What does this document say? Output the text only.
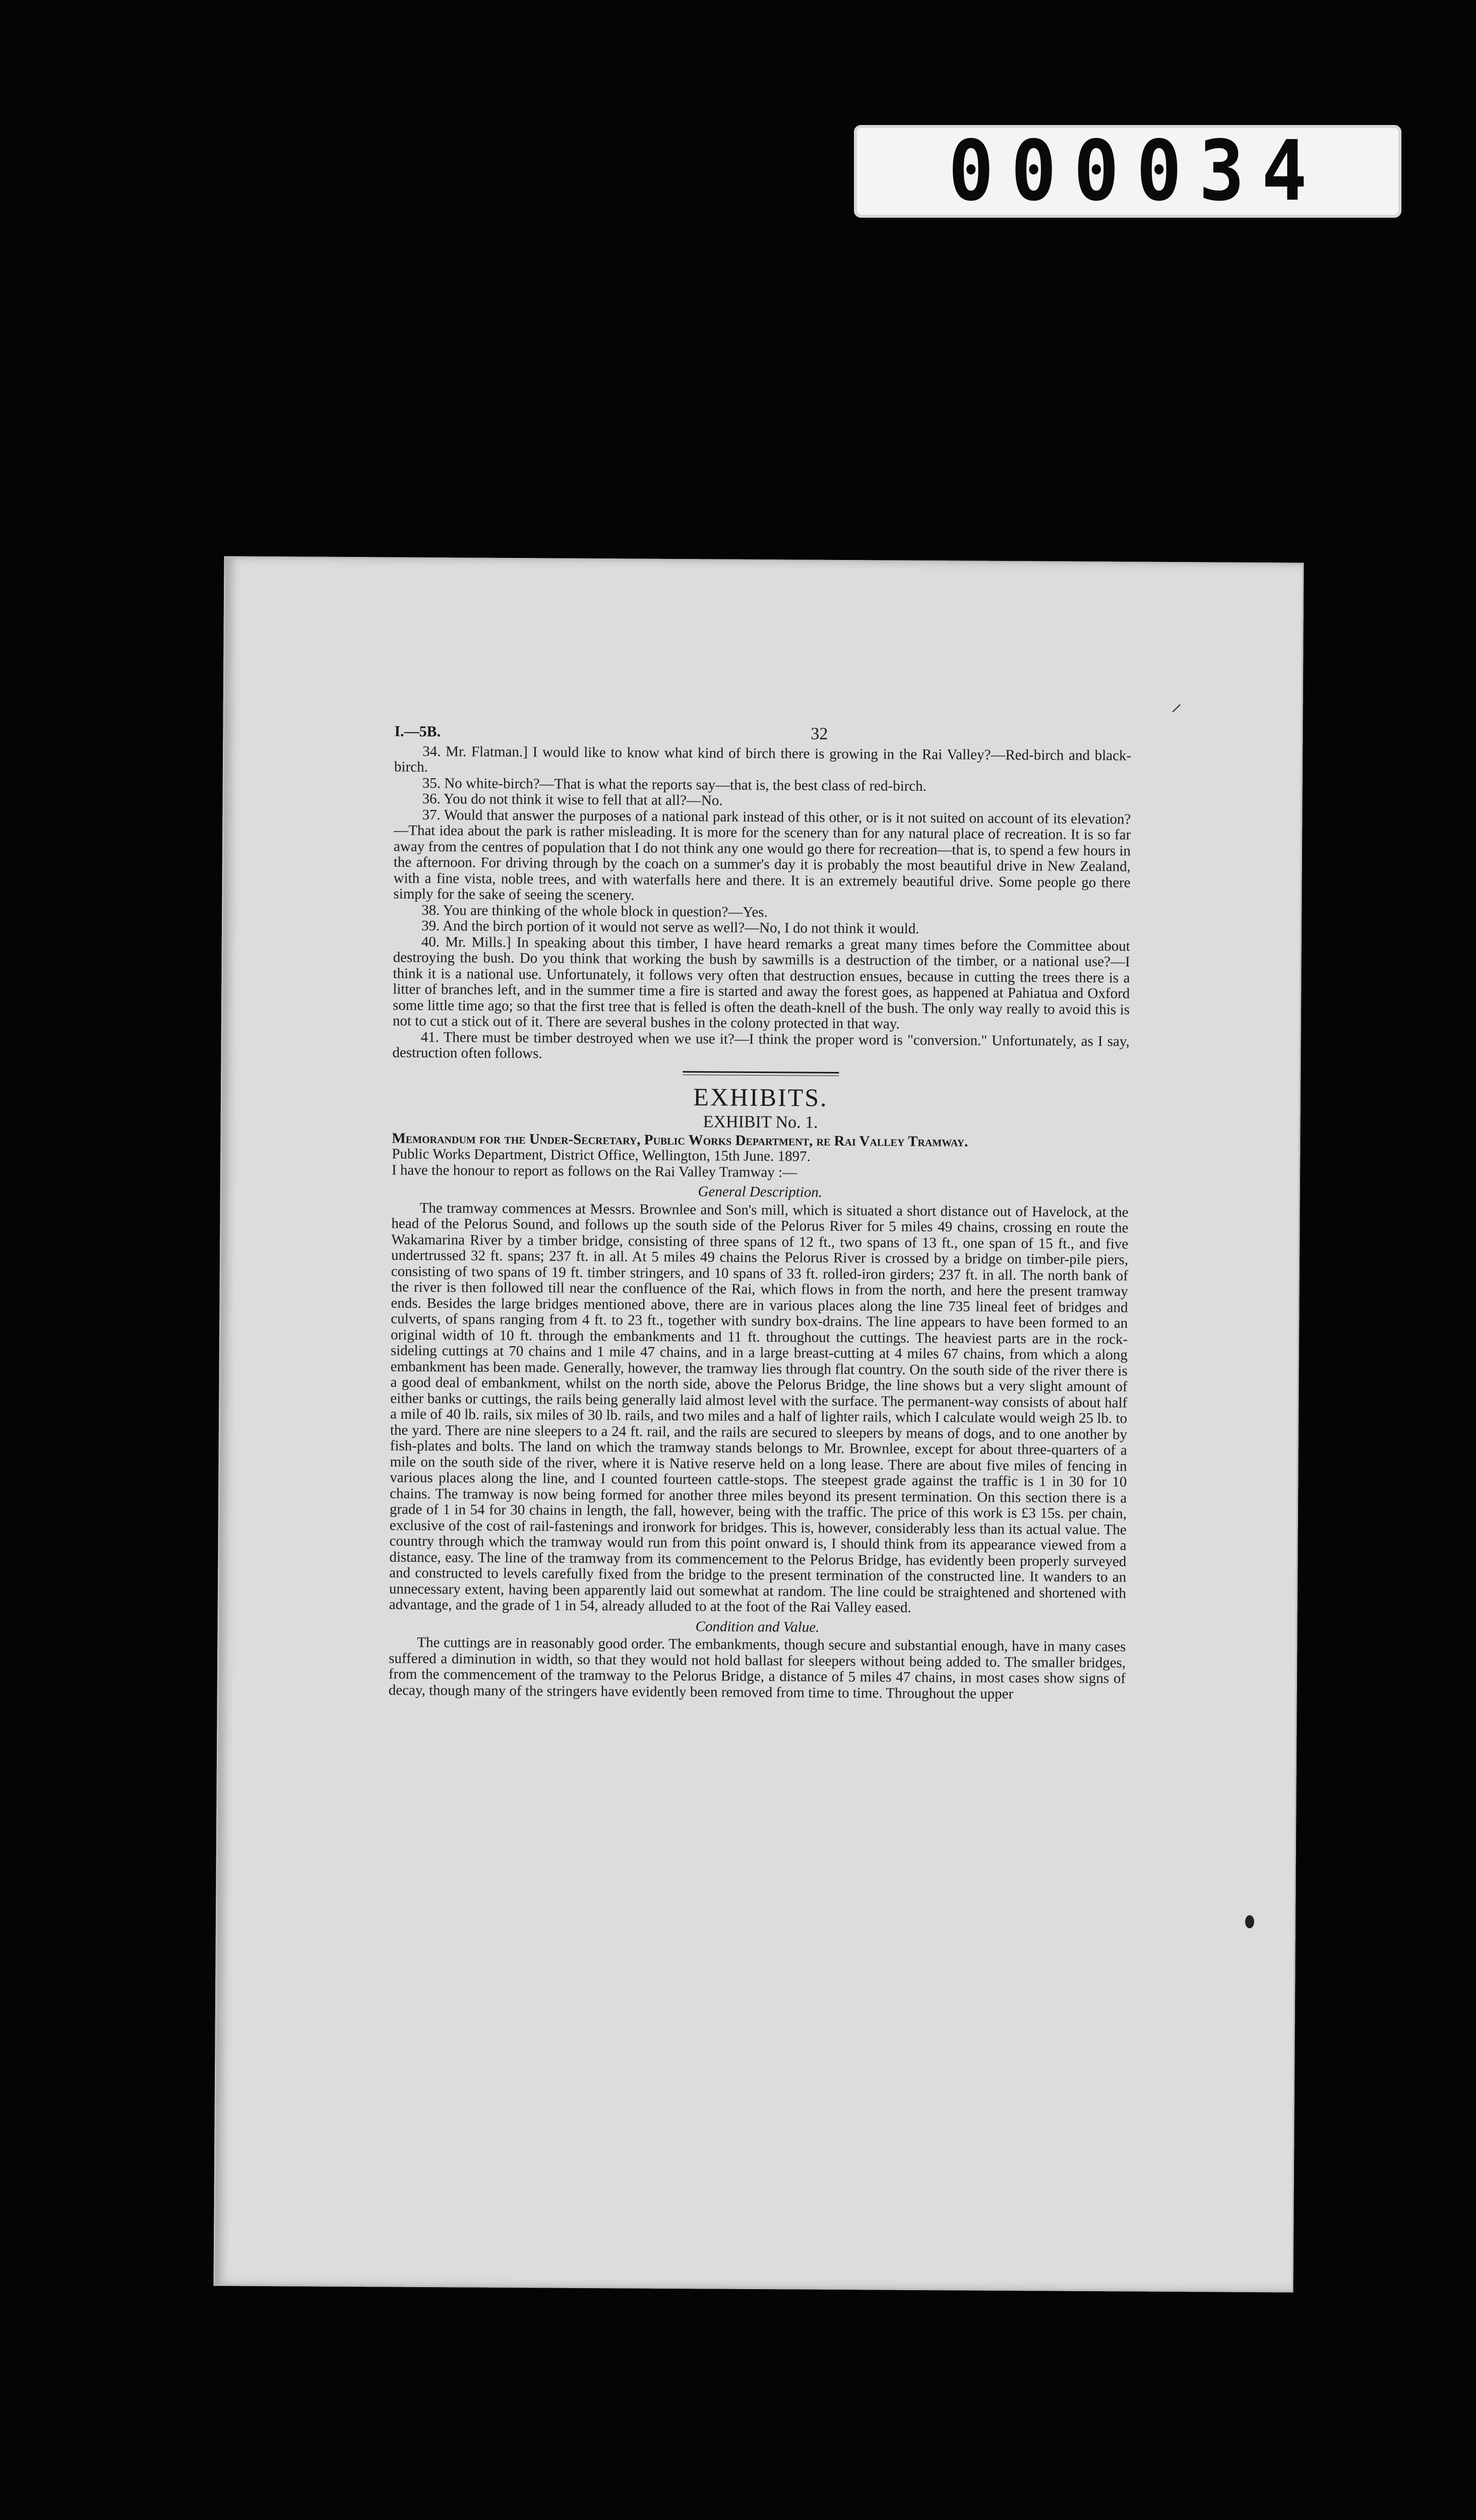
0 0 0 0 3 4
⸝
I.—5B.	32

34. Mr. Flatman.] I would like to know what kind of birch there is growing in the Rai Valley?—Red-birch and black-birch.

35. No white-birch?—That is what the reports say—that is, the best class of red-birch.

36. You do not think it wise to fell that at all?—No.

37. Would that answer the purposes of a national park instead of this other, or is it not suited on account of its elevation?—That idea about the park is rather misleading. It is more for the scenery than for any natural place of recreation. It is so far away from the centres of population that I do not think any one would go there for recreation—that is, to spend a few hours in the afternoon. For driving through by the coach on a summer's day it is probably the most beautiful drive in New Zealand, with a fine vista, noble trees, and with waterfalls here and there. It is an extremely beautiful drive. Some people go there simply for the sake of seeing the scenery.

38. You are thinking of the whole block in question?—Yes.

39. And the birch portion of it would not serve as well?—No, I do not think it would.

40. Mr. Mills.] In speaking about this timber, I have heard remarks a great many times before the Committee about destroying the bush. Do you think that working the bush by sawmills is a destruction of the timber, or a national use?—I think it is a national use. Unfortunately, it follows very often that destruction ensues, because in cutting the trees there is a litter of branches left, and in the summer time a fire is started and away the forest goes, as happened at Pahiatua and Oxford some little time ago; so that the first tree that is felled is often the death-knell of the bush. The only way really to avoid this is not to cut a stick out of it. There are several bushes in the colony protected in that way.

41. There must be timber destroyed when we use it?—I think the proper word is "conversion." Unfortunately, as I say, destruction often follows.

EXHIBITS.
EXHIBIT No. 1.

Memorandum for the Under-Secretary, Public Works Department, re Rai Valley Tramway.

Public Works Department, District Office, Wellington, 15th June. 1897.

I have the honour to report as follows on the Rai Valley Tramway :—

General Description.

The tramway commences at Messrs. Brownlee and Son's mill, which is situated a short distance out of Havelock, at the head of the Pelorus Sound, and follows up the south side of the Pelorus River for 5 miles 49 chains, crossing en route the Wakamarina River by a timber bridge, consisting of three spans of 12 ft., two spans of 13 ft., one span of 15 ft., and five undertrussed 32 ft. spans; 237 ft. in all. At 5 miles 49 chains the Pelorus River is crossed by a bridge on timber-pile piers, consisting of two spans of 19 ft. timber stringers, and 10 spans of 33 ft. rolled-iron girders; 237 ft. in all. The north bank of the river is then followed till near the confluence of the Rai, which flows in from the north, and here the present tramway ends. Besides the large bridges mentioned above, there are in various places along the line 735 lineal feet of bridges and culverts, of spans ranging from 4 ft. to 23 ft., together with sundry box-drains. The line appears to have been formed to an original width of 10 ft. through the embankments and 11 ft. throughout the cuttings. The heaviest parts are in the rock-sideling cuttings at 70 chains and 1 mile 47 chains, and in a large breast-cutting at 4 miles 67 chains, from which a along embankment has been made. Generally, however, the tramway lies through flat country. On the south side of the river there is a good deal of embankment, whilst on the north side, above the Pelorus Bridge, the line shows but a very slight amount of either banks or cuttings, the rails being generally laid almost level with the surface. The permanent-way consists of about half a mile of 40 lb. rails, six miles of 30 lb. rails, and two miles and a half of lighter rails, which I calculate would weigh 25 lb. to the yard. There are nine sleepers to a 24 ft. rail, and the rails are secured to sleepers by means of dogs, and to one another by fish-plates and bolts. The land on which the tramway stands belongs to Mr. Brownlee, except for about three-quarters of a mile on the south side of the river, where it is Native reserve held on a long lease. There are about five miles of fencing in various places along the line, and I counted fourteen cattle-stops. The steepest grade against the traffic is 1 in 30 for 10 chains. The tramway is now being formed for another three miles beyond its present termination. On this section there is a grade of 1 in 54 for 30 chains in length, the fall, however, being with the traffic. The price of this work is £3 15s. per chain, exclusive of the cost of rail-fastenings and ironwork for bridges. This is, however, considerably less than its actual value. The country through which the tramway would run from this point onward is, I should think from its appearance viewed from a distance, easy. The line of the tramway from its commencement to the Pelorus Bridge, has evidently been properly surveyed and constructed to levels carefully fixed from the bridge to the present termination of the constructed line. It wanders to an unnecessary extent, having been apparently laid out somewhat at random. The line could be straightened and shortened with advantage, and the grade of 1 in 54, already alluded to at the foot of the Rai Valley eased.

Condition and Value.

The cuttings are in reasonably good order. The embankments, though secure and substantial enough, have in many cases suffered a diminution in width, so that they would not hold ballast for sleepers without being added to. The smaller bridges, from the commencement of the tramway to the Pelorus Bridge, a distance of 5 miles 47 chains, in most cases show signs of decay, though many of the stringers have evidently been removed from time to time. Throughout the upper
